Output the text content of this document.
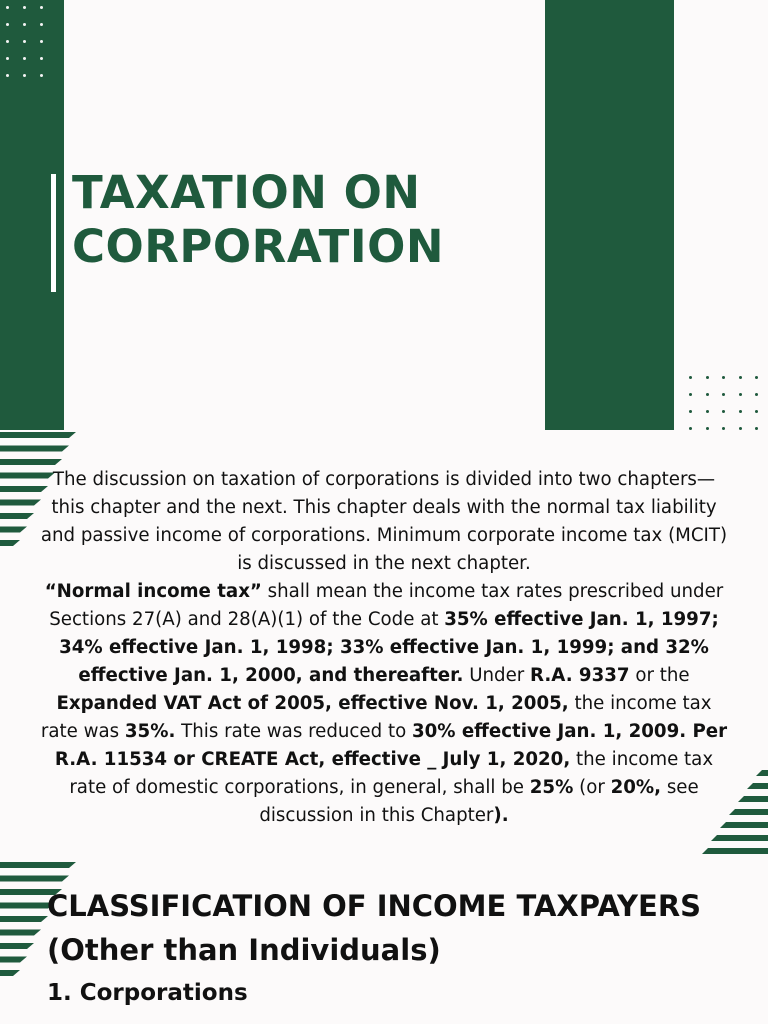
TAXATION ON
CORPORATION

The discussion on taxation of corporations is divided into two chapters—this chapter and the next. This chapter deals with the normal tax liability and passive income of corporations. Minimum corporate income tax (MCIT) is discussed in the next chapter.
“Normal income tax” shall mean the income tax rates prescribed under Sections 27(A) and 28(A)(1) of the Code at 35% effective Jan. 1, 1997; 34% effective Jan. 1, 1998; 33% effective Jan. 1, 1999; and 32% effective Jan. 1, 2000, and thereafter. Under R.A. 9337 or the Expanded VAT Act of 2005, effective Nov. 1, 2005, the income tax rate was 35%. This rate was reduced to 30% effective Jan. 1, 2009. Per R.A. 11534 or CREATE Act, effective _ July 1, 2020, the income tax rate of domestic corporations, in general, shall be 25% (or 20%, see discussion in this Chapter).

CLASSIFICATION OF INCOME TAXPAYERS
(Other than Individuals)
1. Corporations
